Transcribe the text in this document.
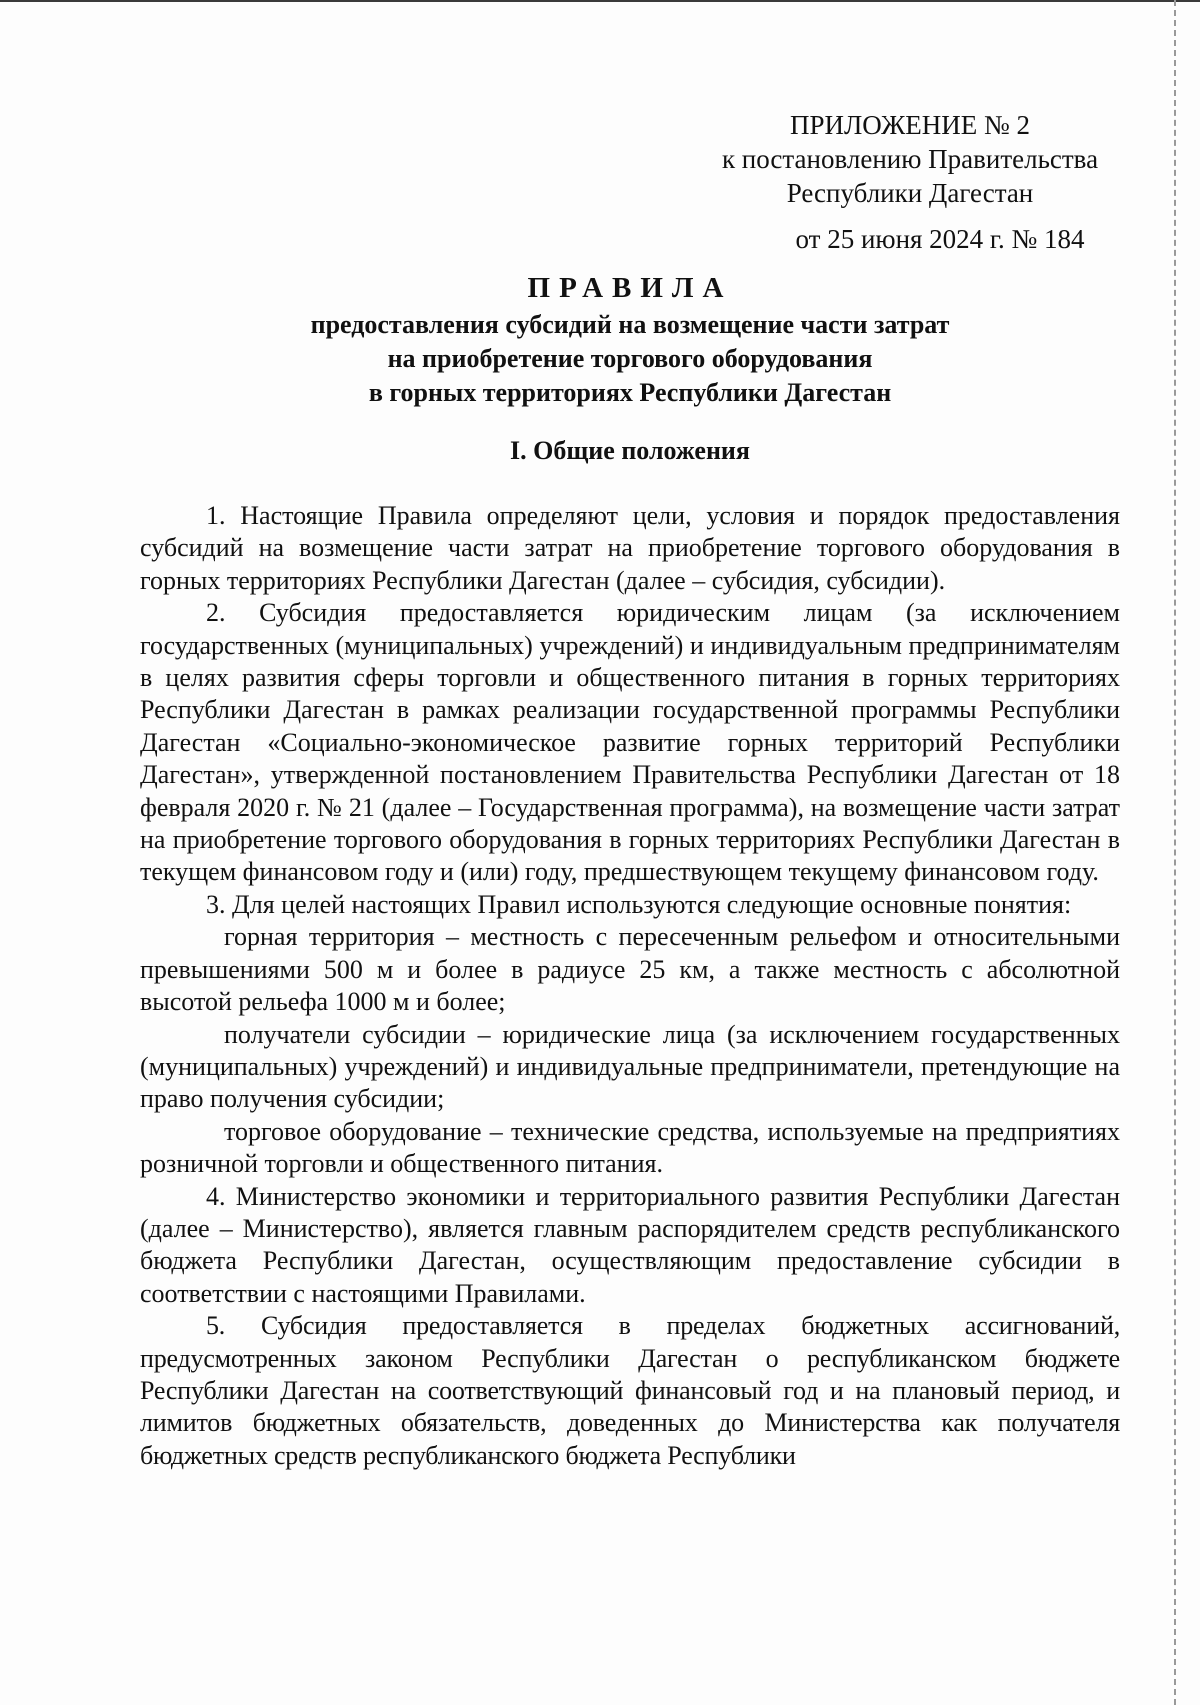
ПРИЛОЖЕНИЕ № 2
к постановлению Правительства
Республики Дагестан
от 25 июня 2024 г. № 184
ПРАВИЛА
предоставления субсидий на возмещение части затрат
на приобретение торгового оборудования
в горных территориях Республики Дагестан
I. Общие положения

1. Настоящие Правила определяют цели, условия и порядок предоставления субсидий на возмещение части затрат на приобретение торгового оборудования в горных территориях Республики Дагестан (далее – субсидия, субсидии).

2. Субсидия предоставляется юридическим лицам (за исключением государственных (муниципальных) учреждений) и индивидуальным предпринимателям в целях развития сферы торговли и общественного питания в горных территориях Республики Дагестан в рамках реализации государственной программы Республики Дагестан «Социально-экономическое развитие горных территорий Республики Дагестан», утвержденной постановлением Правительства Республики Дагестан от 18 февраля 2020 г. № 21 (далее – Государственная программа), на возмещение части затрат на приобретение торгового оборудования в горных территориях Республики Дагестан в текущем финансовом году и (или) году, предшествующем текущему финансовом году.

3. Для целей настоящих Правил используются следующие основные понятия:

горная территория – местность с пересеченным рельефом и относительными превышениями 500 м и более в радиусе 25 км, а также местность с абсолютной высотой рельефа 1000 м и более;

получатели субсидии – юридические лица (за исключением государственных (муниципальных) учреждений) и индивидуальные предприниматели, претендующие на право получения субсидии;

торговое оборудование – технические средства, используемые на предприятиях розничной торговли и общественного питания.

4. Министерство экономики и территориального развития Республики Дагестан (далее – Министерство), является главным распорядителем средств республиканского бюджета Республики Дагестан, осуществляющим предоставление субсидии в соответствии с настоящими Правилами.

5. Субсидия предоставляется в пределах бюджетных ассигнований, предусмотренных законом Республики Дагестан о республиканском бюджете Республики Дагестан на соответствующий финансовый год и на плановый период, и лимитов бюджетных обязательств, доведенных до Министерства как получателя бюджетных средств республиканского бюджета Республики
